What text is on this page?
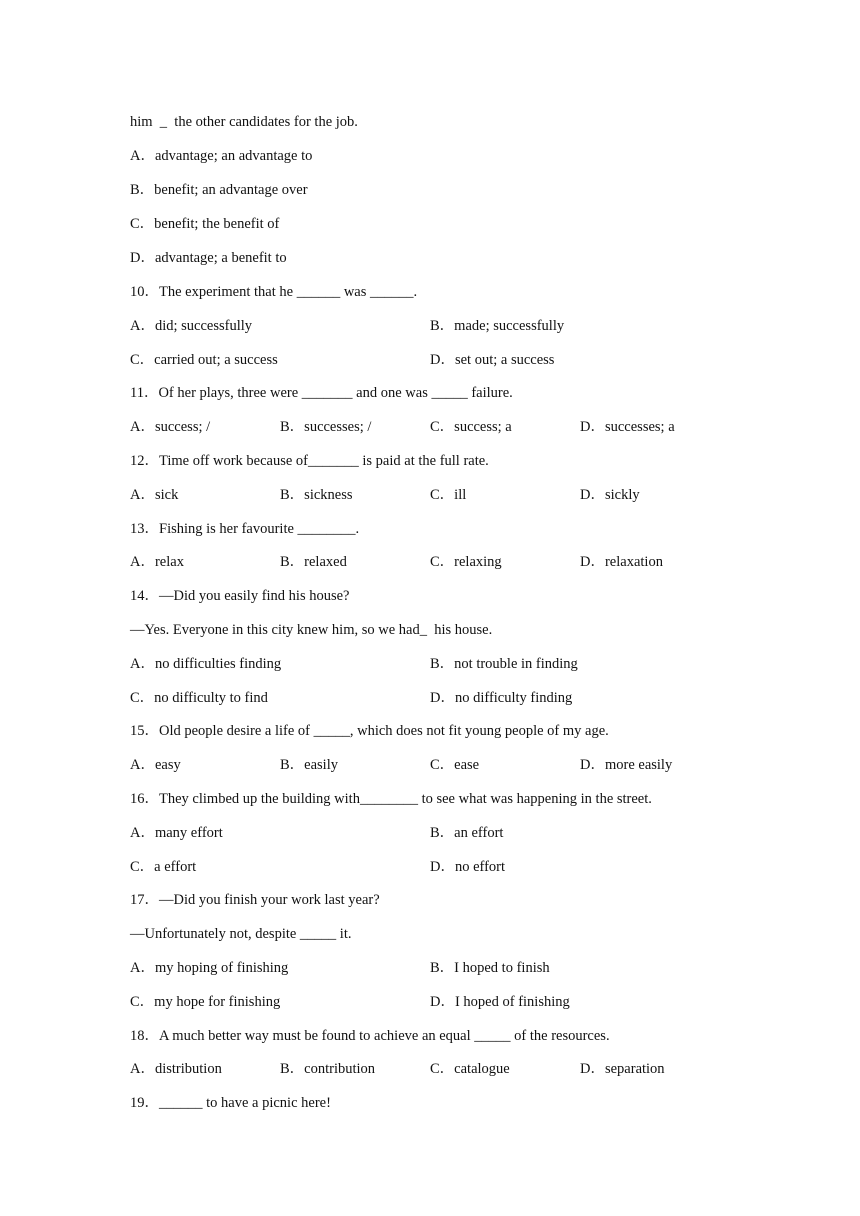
him  _  the other candidates for the job.
A．advantage; an advantage to
B．benefit; an advantage over
C．benefit; the benefit of
D．advantage; a benefit to
10．The experiment that he ______ was ______.
A．did; successfully	B．made; successfully
C．carried out; a success	D．set out; a success
11．Of her plays, three were _______ and one was _____ failure.
A．success; /	B．successes; /	C．success; a	D．successes; a
12．Time off work because of_______ is paid at the full rate.
A．sick	B．sickness	C．ill	D．sickly
13．Fishing is her favourite ________.
A．relax	B．relaxed	C．relaxing	D．relaxation
14．—Did you easily find his house?
—Yes. Everyone in this city knew him, so we had_  his house.
A．no difficulties finding	B．not trouble in finding
C．no difficulty to find	D．no difficulty finding
15．Old people desire a life of _____, which does not fit young people of my age.
A．easy	B．easily	C．ease	D．more easily
16．They climbed up the building with________ to see what was happening in the street.
A．many effort	B．an effort
C．a effort	D．no effort
17．—Did you finish your work last year?
—Unfortunately not, despite _____ it.
A．my hoping of finishing	B．I hoped to finish
C．my hope for finishing	D．I hoped of finishing
18．A much better way must be found to achieve an equal _____ of the resources.
A．distribution	B．contribution	C．catalogue	D．separation
19．______ to have a picnic here!
